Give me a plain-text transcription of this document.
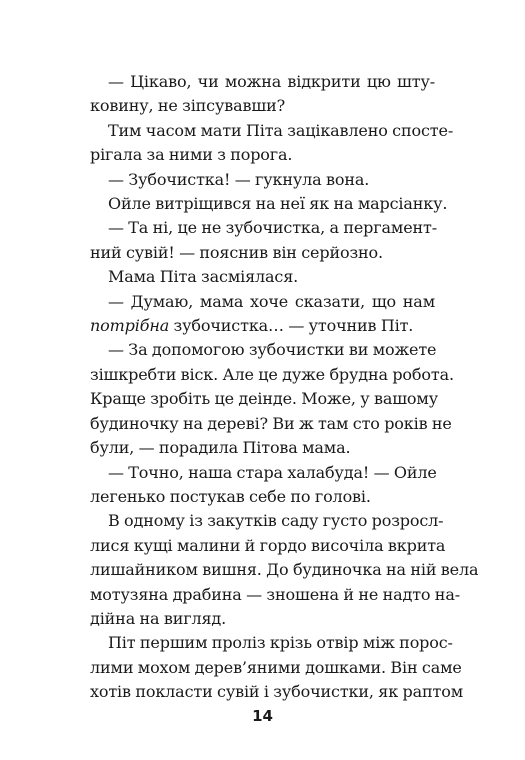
— Цікаво, чи можна відкрити цю шту-
ковину, не зіпсувавши?
Тим часом мати Піта зацікавлено спосте-
рігала за ними з порога.
— Зубочистка! — гукнула вона.
Ойле витріщився на неї як на марсіанку.
— Та ні, це не зубочистка, а пергамент-
ний сувій! — пояснив він серйозно.
Мама Піта засміялася.
— Думаю, мама хоче сказати, що нам
потрібна зубочистка… — уточнив Піт.
— За допомогою зубочистки ви можете
зішкребти віск. Але це дуже брудна робота.
Краще зробіть це деінде. Може, у вашому
будиночку на дереві? Ви ж там сто років не
були, — порадила Пітова мама.
— Точно, наша стара халабуда! — Ойле
легенько постукав себе по голові.
В одному із закутків саду густо розросл-
лися кущі малини й гордо височіла вкрита
лишайником вишня. До будиночка на ній вела
мотузяна драбина — зношена й не надто на-
дійна на вигляд.
Піт першим проліз крізь отвір між порос-
лими мохом дерев’яними дошками. Він саме
хотів покласти сувій і зубочистки, як раптом
14
